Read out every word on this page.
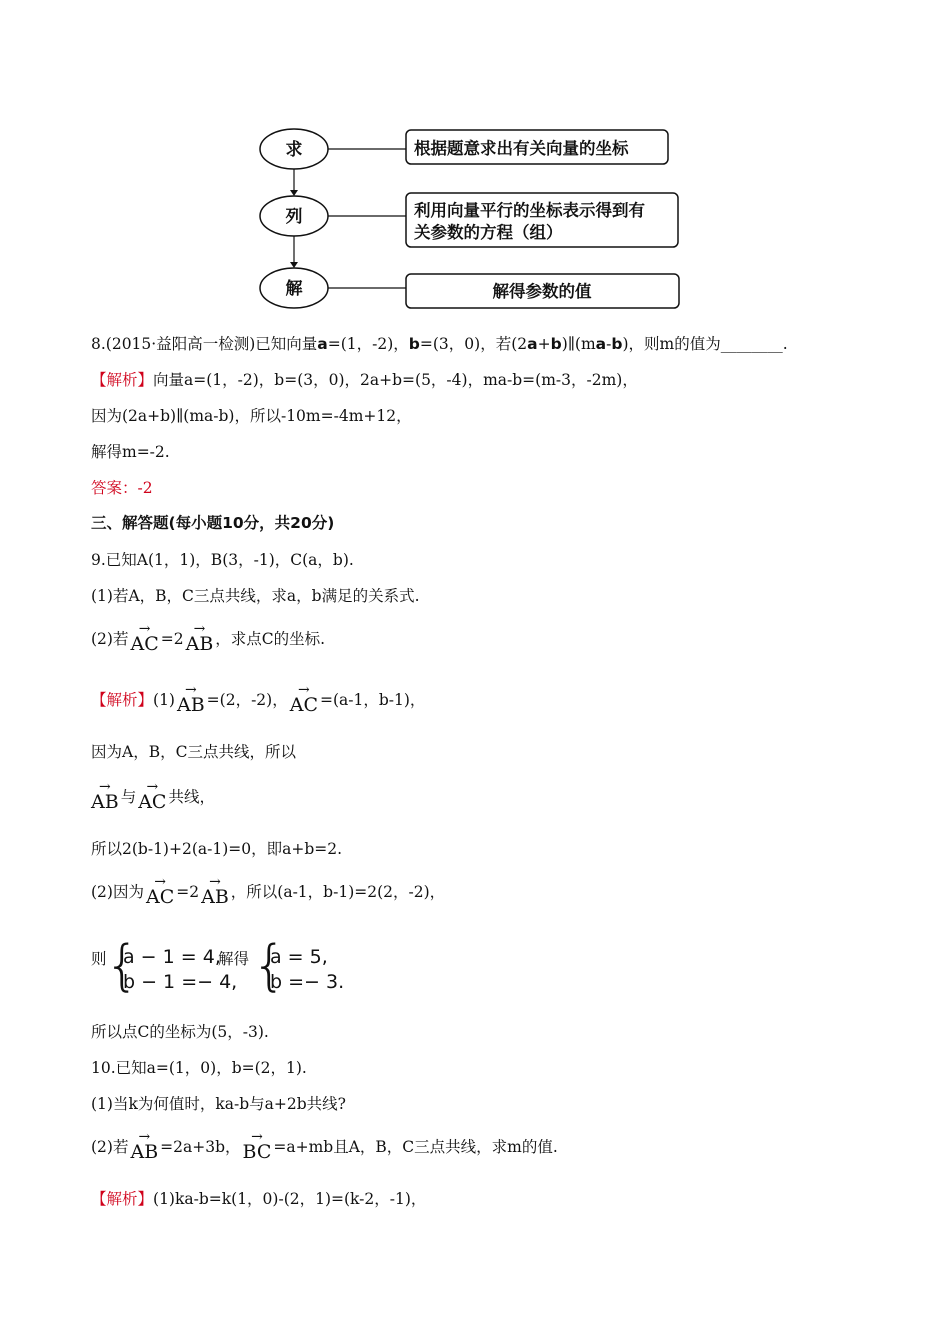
求
列
解
根据题意求出有关向量的坐标
利用向量平行的坐标表示得到有
关参数的方程（组）
解得参数的值
8.(2015·益阳高一检测)已知向量a=(1，-2)，b=(3，0)，若(2a+b)∥(ma-b)，则m的值为________.
【解析】向量a=(1，-2)，b=(3，0)，2a+b=(5，-4)，ma-b=(m-3，-2m)，
因为(2a+b)∥(ma-b)，所以-10m=-4m+12，
解得m=-2.
答案：-2
三、解答题(每小题10分，共20分)
9.已知A(1，1)，B(3，-1)，C(a，b).
(1)若A，B，C三点共线，求a，b满足的关系式.
(2)若
→
AC =2
→
AB ，求点C的坐标.
【解析】(1)
→
AB =(2，-2)，
→
AC =(a-1，b-1)，
因为A，B，C三点共线，所以
→
AB 与
→
AC 共线，
所以2(b-1)+2(a-1)=0，即a+b=2.
(2)因为
→
AC =2
→
AB ，所以(a-1，b-1)=2(2，-2)，
则
{
a − 1 = 4,
b − 1 =− 4,
解得 {
a = 5,
b =− 3.
所以点C的坐标为(5，-3).
10.已知a=(1，0)，b=(2，1).
(1)当k为何值时，ka-b与a+2b共线?
(2)若
→
AB =2a+3b，
→
BC =a+mb且A，B，C三点共线，求m的值.
【解析】(1)ka-b=k(1，0)-(2，1)=(k-2，-1)，
